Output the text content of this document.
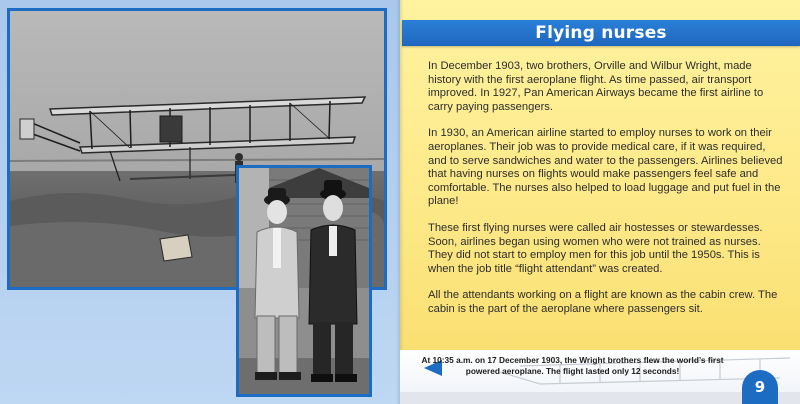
Flying nurses

In December 1903, two brothers, Orville and Wilbur Wright, made history with the first aeroplane flight. As time passed, air transport improved. In 1927, Pan American Airways became the first airline to carry paying passengers.

In 1930, an American airline started to employ nurses to work on their aeroplanes. Their job was to provide medical care, if it was required, and to serve sandwiches and water to the passengers. Airlines believed that having nurses on flights would make passengers feel safe and comfortable. The nurses also helped to load luggage and put fuel in the plane!

These first flying nurses were called air hostesses or stewardesses. Soon, airlines began using women who were not trained as nurses. They did not start to employ men for this job until the 1950s. This is when the job title “flight attendant” was created.

All the attendants working on a flight are known as the cabin crew. The cabin is the part of the aeroplane where passengers sit.

At 10:35 a.m. on 17 December 1903, the Wright brothers flew the world’s first powered aeroplane. The flight lasted only 12 seconds!
9
